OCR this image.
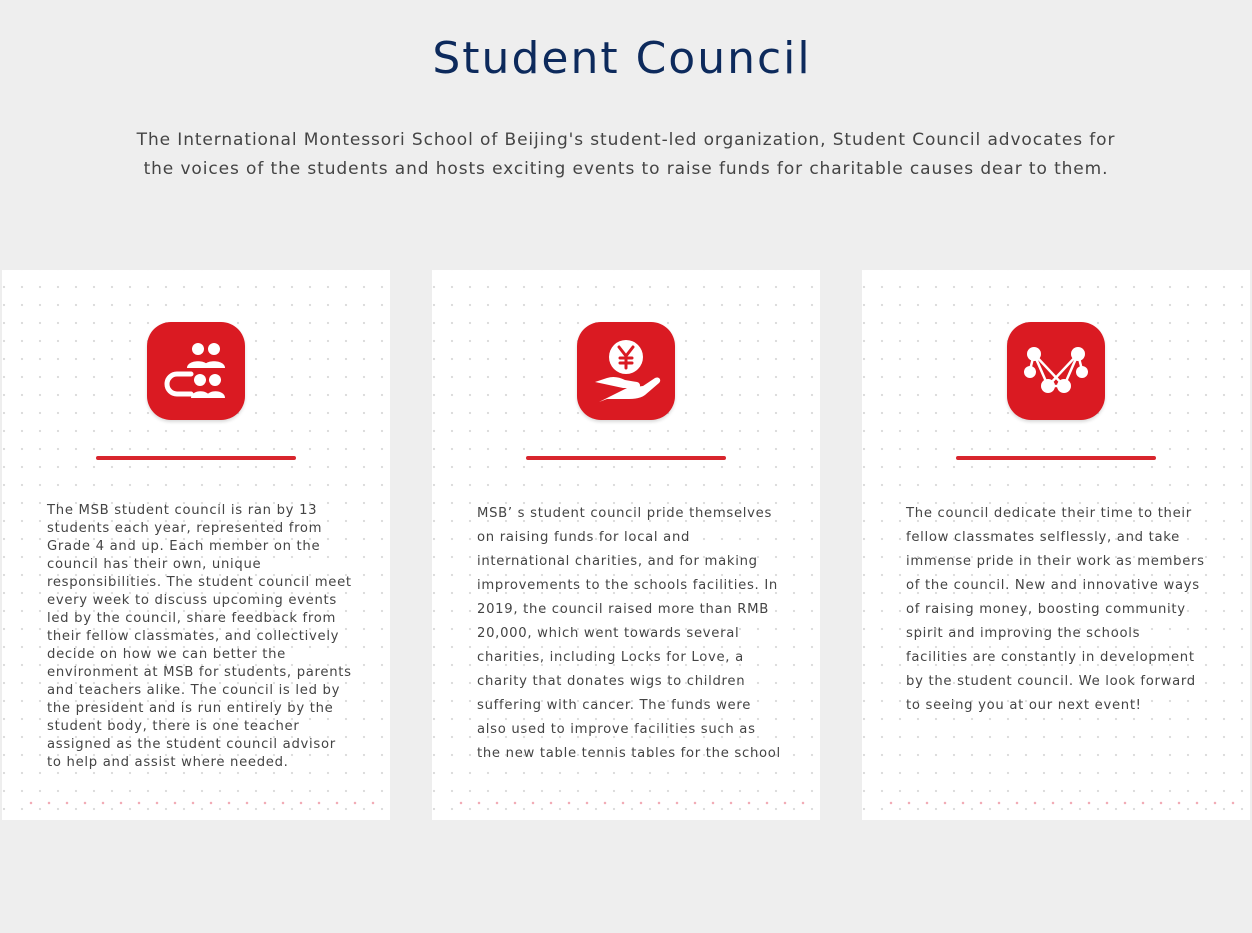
Student Council

The International Montessori School of Beijing's student-led organization, Student Council advocates for the voices of the students and hosts exciting events to raise funds for charitable causes dear to them.

The MSB student council is ran by 13 students each year, represented from Grade 4 and up. Each member on the council has their own, unique responsibilities. The student council meet every week to discuss upcoming events led by the council, share feedback from their fellow classmates, and collectively decide on how we can better the environment at MSB for students, parents and teachers alike. The council is led by the president and is run entirely by the student body, there is one teacher assigned as the student council advisor to help and assist where needed.

MSB’ s student council pride themselves on raising funds for local and international charities, and for making improvements to the schools facilities. In 2019, the council raised more than RMB 20,000, which went towards several charities, including Locks for Love, a charity that donates wigs to children suffering with cancer. The funds were also used to improve facilities such as the new table tennis tables for the school

The council dedicate their time to their fellow classmates selflessly, and take immense pride in their work as members of the council. New and innovative ways of raising money, boosting community spirit and improving the schools facilities are constantly in development by the student council. We look forward to seeing you at our next event!
